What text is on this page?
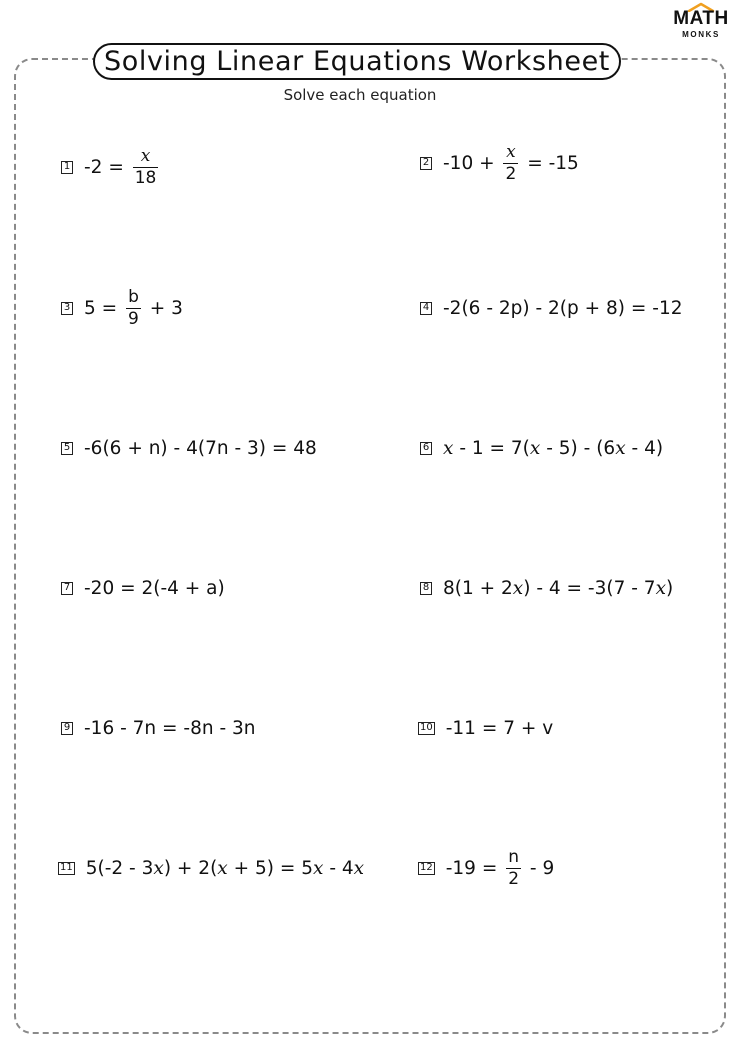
MATH
MONKS
Solving Linear Equations Worksheet
Solve each equation
1 $-2 = \frac{x}{18}$	2 $-10 + \frac{x}{2} = -15$
3 $5 = \frac{b}{9} + 3$	4 -2(6 - 2p) - 2(p + 8) = -12
5 -6(6 + n) - 4(7n - 3) = 48	6 x - 1 = 7( x - 5) - (6 x - 4)
7 -20 = 2(-4 + a)	8 8(1 + 2 x ) - 4 = -3(7 - 7 x )
9 -16 - 7n = -8n - 3n	10 -11 = 7 + v
11 5(-2 - 3 x ) + 2( x + 5) = 5 x - 4 x	12 $-19 = \frac{n}{2} - 9$
